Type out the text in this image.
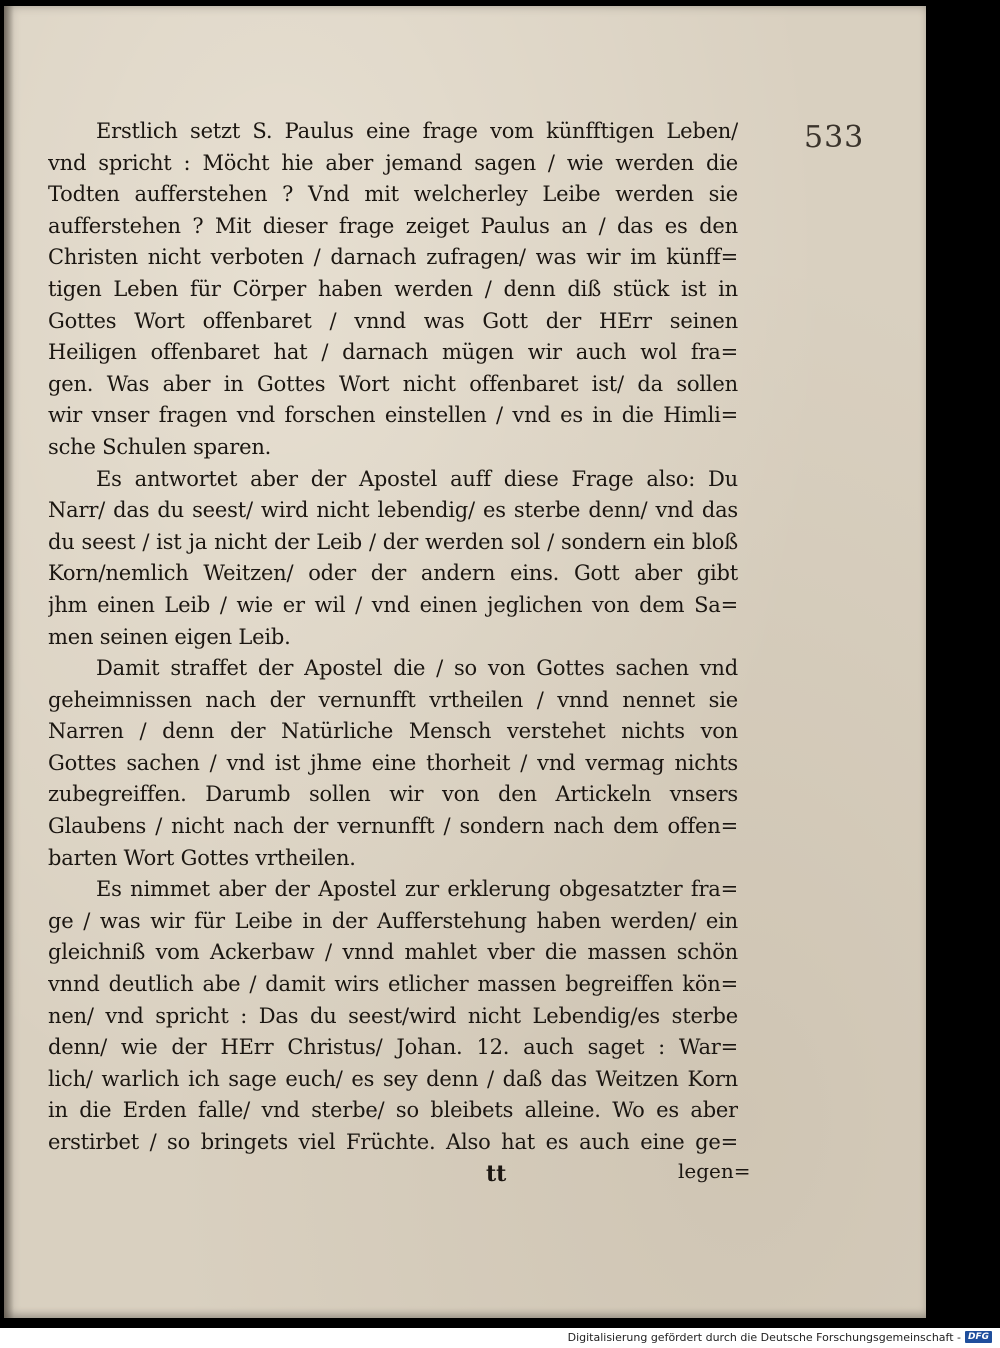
533
Erstlich setzt S. Paulus eine frage vom künfftigen Leben/
vnd spricht : Möcht hie aber jemand sagen / wie werden die
Todten aufferstehen ? Vnd mit welcherley Leibe werden sie
aufferstehen ? Mit dieser frage zeiget Paulus an / das es den
Christen nicht verboten / darnach zufragen/ was wir im künff=
tigen Leben für Cörper haben werden / denn diß stück ist in
Gottes Wort offenbaret / vnnd was Gott der HErr seinen
Heiligen offenbaret hat / darnach mügen wir auch wol fra=
gen. Was aber in Gottes Wort nicht offenbaret ist/ da sollen
wir vnser fragen vnd forschen einstellen / vnd es in die Himli=
sche Schulen sparen.
Es antwortet aber der Apostel auff diese Frage also: Du
Narr/ das du seest/ wird nicht lebendig/ es sterbe denn/ vnd das
du seest / ist ja nicht der Leib / der werden sol / sondern ein bloß
Korn/nemlich Weitzen/ oder der andern eins. Gott aber gibt
jhm einen Leib / wie er wil / vnd einen jeglichen von dem Sa=
men seinen eigen Leib.
Damit straffet der Apostel die / so von Gottes sachen vnd
geheimnissen nach der vernunfft vrtheilen / vnnd nennet sie
Narren / denn der Natürliche Mensch verstehet nichts von
Gottes sachen / vnd ist jhme eine thorheit / vnd vermag nichts
zubegreiffen. Darumb sollen wir von den Artickeln vnsers
Glaubens / nicht nach der vernunfft / sondern nach dem offen=
barten Wort Gottes vrtheilen.
Es nimmet aber der Apostel zur erklerung obgesatzter fra=
ge / was wir für Leibe in der Aufferstehung haben werden/ ein
gleichniß vom Ackerbaw / vnnd mahlet vber die massen schön
vnnd deutlich abe / damit wirs etlicher massen begreiffen kön=
nen/ vnd spricht : Das du seest/wird nicht Lebendig/es sterbe
denn/ wie der HErr Christus/ Johan. 12. auch saget : War=
lich/ warlich ich sage euch/ es sey denn / daß das Weitzen Korn
in die Erden falle/ vnd sterbe/ so bleibets alleine. Wo es aber
erstirbet / so bringets viel Früchte. Also hat es auch eine ge=
tt	legen=
Digitalisierung gefördert durch die Deutsche Forschungsgemeinschaft - DFG
